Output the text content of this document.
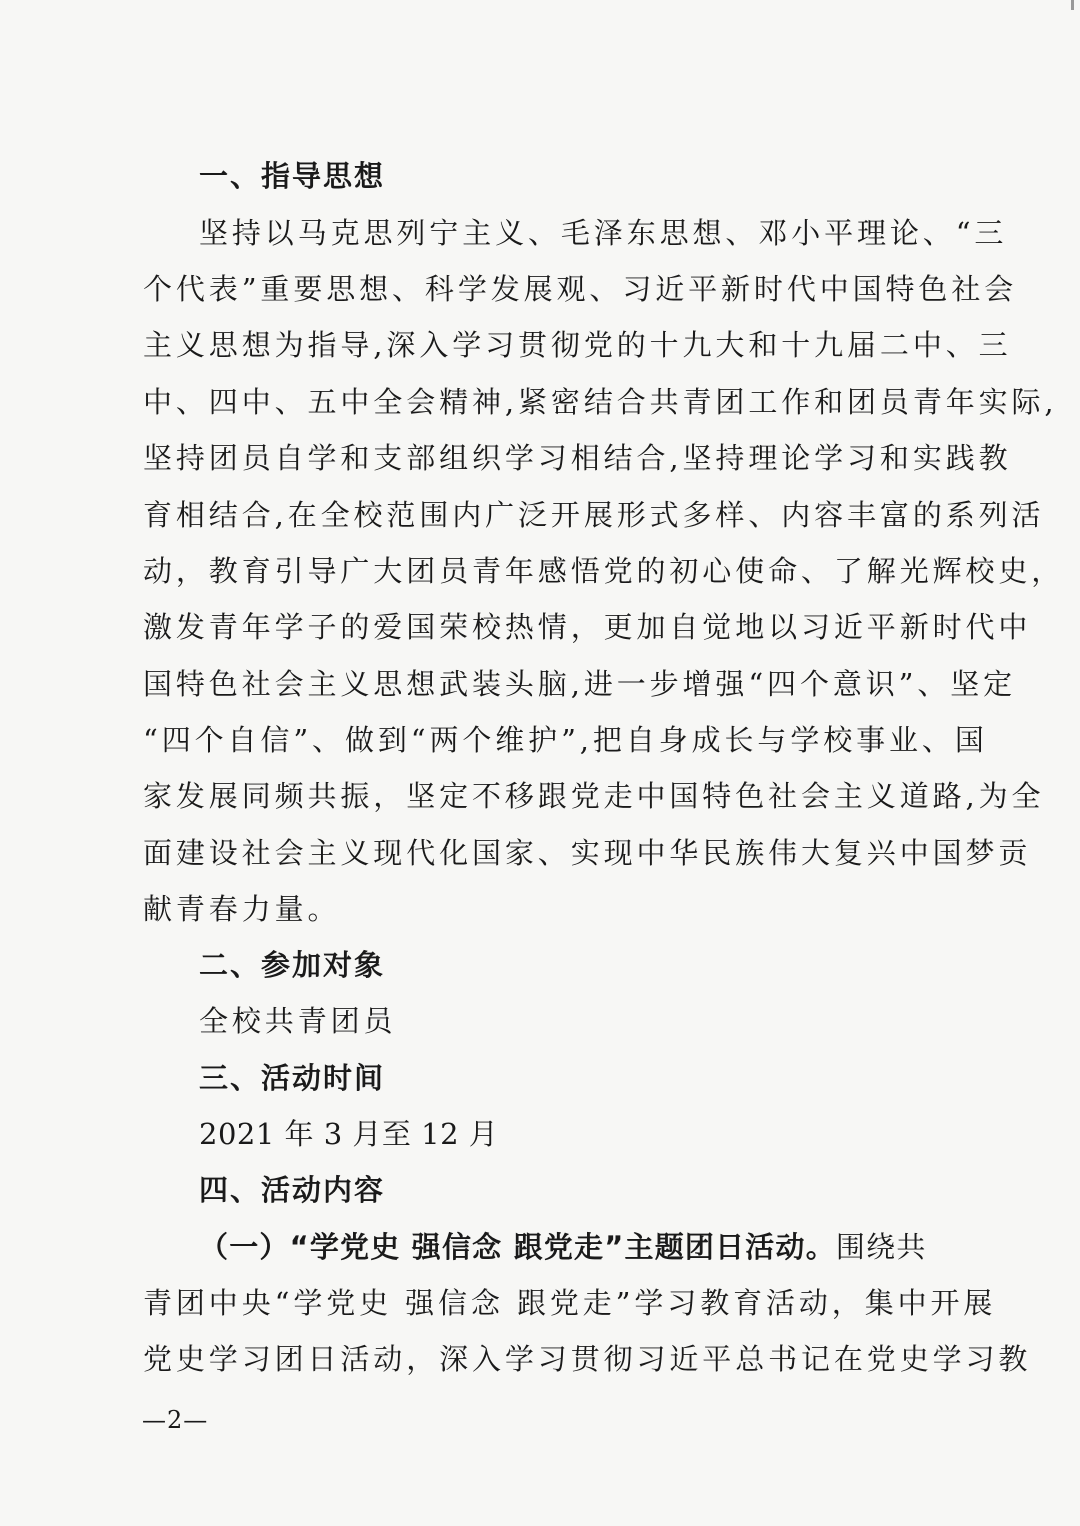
一、指导思想
坚持以马克思列宁主义、毛泽东思想、邓小平理论、“三
个代表”重要思想、科学发展观、习近平新时代中国特色社会
主义思想为指导,深入学习贯彻党的十九大和十九届二中、三
中、四中、五中全会精神,紧密结合共青团工作和团员青年实际,
坚持团员自学和支部组织学习相结合,坚持理论学习和实践教
育相结合,在全校范围内广泛开展形式多样、内容丰富的系列活
动，教育引导广大团员青年感悟党的初心使命、了解光辉校史，
激发青年学子的爱国荣校热情，更加自觉地以习近平新时代中
国特色社会主义思想武装头脑,进一步增强“四个意识”、坚定
“四个自信”、做到“两个维护”,把自身成长与学校事业、国
家发展同频共振，坚定不移跟党走中国特色社会主义道路,为全
面建设社会主义现代化国家、实现中华民族伟大复兴中国梦贡
献青春力量。
二、参加对象
全校共青团员
三、活动时间
2021 年 3 月至 12 月
四、活动内容
（一）“学党史 强信念 跟党走”主题团日活动。围绕共
青团中央“学党史 强信念 跟党走”学习教育活动，集中开展
党史学习团日活动，深入学习贯彻习近平总书记在党史学习教
—2—
